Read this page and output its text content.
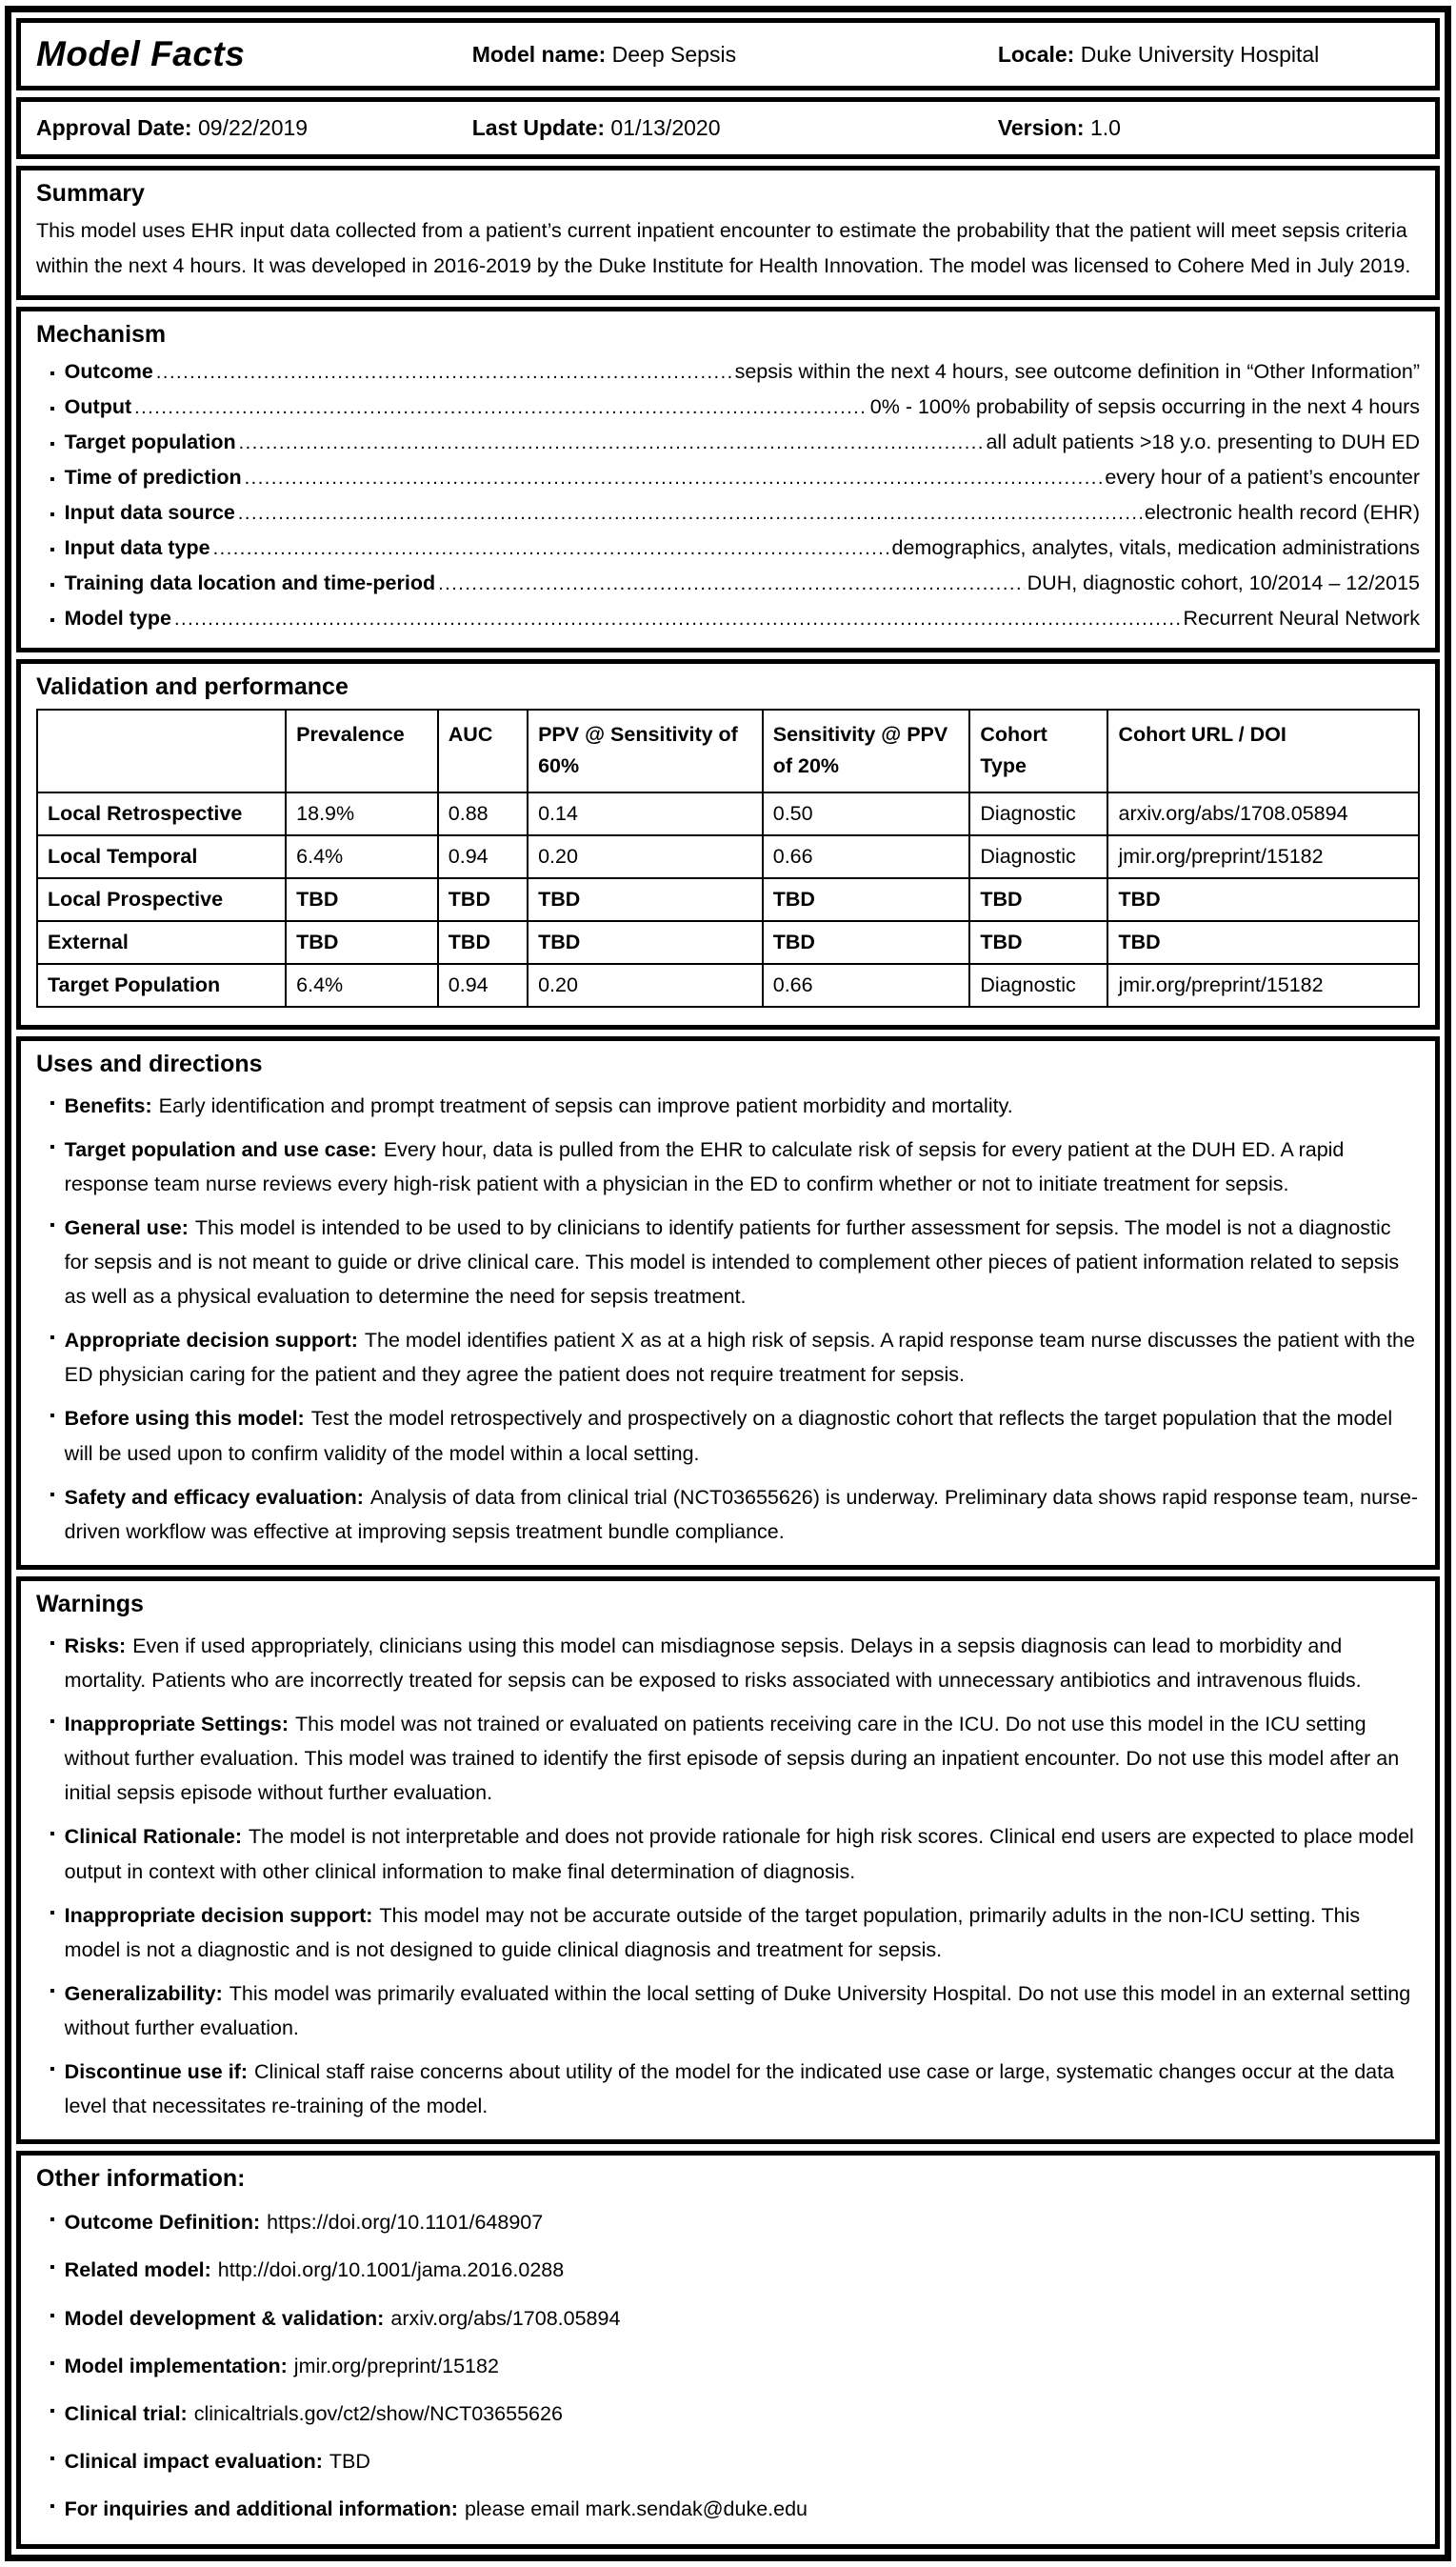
Model Facts	Model name: Deep Sepsis	Locale: Duke University Hospital
Approval Date: 09/22/2019	Last Update: 01/13/2020	Version: 1.0
Summary

This model uses EHR input data collected from a patient’s current inpatient encounter to estimate the probability that the patient will meet sepsis criteria within the next 4 hours. It was developed in 2016-2019 by the Duke Institute for Health Innovation. The model was licensed to Cohere Med in July 2019.

Mechanism
▪ Outcome .....	sepsis within the next 4 hours, see outcome definition in “Other Information”
▪ Output .....	0% - 100% probability of sepsis occurring in the next 4 hours
▪ Target population .....	all adult patients >18 y.o. presenting to DUH ED
▪ Time of prediction .....	every hour of a patient’s encounter
▪ Input data source .....	electronic health record (EHR)
▪ Input data type .....	demographics, analytes, vitals, medication administrations
▪ Training data location and time-period .....	DUH, diagnostic cohort, 10/2014 – 12/2015
▪ Model type .....	Recurrent Neural Network
Validation and performance
	Prevalence	AUC	PPV @ Sensitivity of 60%	Sensitivity @ PPV of 20%	Cohort Type	Cohort URL / DOI
Local Retrospective	18.9%	0.88	0.14	0.50	Diagnostic	arxiv.org/abs/1708.05894
Local Temporal	6.4%	0.94	0.20	0.66	Diagnostic	jmir.org/preprint/15182
Local Prospective	TBD	TBD	TBD	TBD	TBD	TBD
External	TBD	TBD	TBD	TBD	TBD	TBD
Target Population	6.4%	0.94	0.20	0.66	Diagnostic	jmir.org/preprint/15182
Uses and directions
▪ Benefits: Early identification and prompt treatment of sepsis can improve patient morbidity and mortality.
▪ Target population and use case: Every hour, data is pulled from the EHR to calculate risk of sepsis for every patient at the DUH ED. A rapid response team nurse reviews every high-risk patient with a physician in the ED to confirm whether or not to initiate treatment for sepsis.
▪ General use: This model is intended to be used to by clinicians to identify patients for further assessment for sepsis. The model is not a diagnostic for sepsis and is not meant to guide or drive clinical care. This model is intended to complement other pieces of patient information related to sepsis as well as a physical evaluation to determine the need for sepsis treatment.
▪ Appropriate decision support: The model identifies patient X as at a high risk of sepsis. A rapid response team nurse discusses the patient with the ED physician caring for the patient and they agree the patient does not require treatment for sepsis.
▪ Before using this model: Test the model retrospectively and prospectively on a diagnostic cohort that reflects the target population that the model will be used upon to confirm validity of the model within a local setting.
▪ Safety and efficacy evaluation: Analysis of data from clinical trial (NCT03655626) is underway. Preliminary data shows rapid response team, nurse-driven workflow was effective at improving sepsis treatment bundle compliance.
Warnings
▪ Risks: Even if used appropriately, clinicians using this model can misdiagnose sepsis. Delays in a sepsis diagnosis can lead to morbidity and mortality. Patients who are incorrectly treated for sepsis can be exposed to risks associated with unnecessary antibiotics and intravenous fluids.
▪ Inappropriate Settings: This model was not trained or evaluated on patients receiving care in the ICU. Do not use this model in the ICU setting without further evaluation. This model was trained to identify the first episode of sepsis during an inpatient encounter. Do not use this model after an initial sepsis episode without further evaluation.
▪ Clinical Rationale: The model is not interpretable and does not provide rationale for high risk scores. Clinical end users are expected to place model output in context with other clinical information to make final determination of diagnosis.
▪ Inappropriate decision support: This model may not be accurate outside of the target population, primarily adults in the non-ICU setting. This model is not a diagnostic and is not designed to guide clinical diagnosis and treatment for sepsis.
▪ Generalizability: This model was primarily evaluated within the local setting of Duke University Hospital. Do not use this model in an external setting without further evaluation.
▪ Discontinue use if: Clinical staff raise concerns about utility of the model for the indicated use case or large, systematic changes occur at the data level that necessitates re-training of the model.
Other information:
▪ Outcome Definition: https://doi.org/10.1101/648907
▪ Related model: http://doi.org/10.1001/jama.2016.0288
▪ Model development & validation: arxiv.org/abs/1708.05894
▪ Model implementation: jmir.org/preprint/15182
▪ Clinical trial: clinicaltrials.gov/ct2/show/NCT03655626
▪ Clinical impact evaluation: TBD
▪ For inquiries and additional information: please email mark.sendak@duke.edu
